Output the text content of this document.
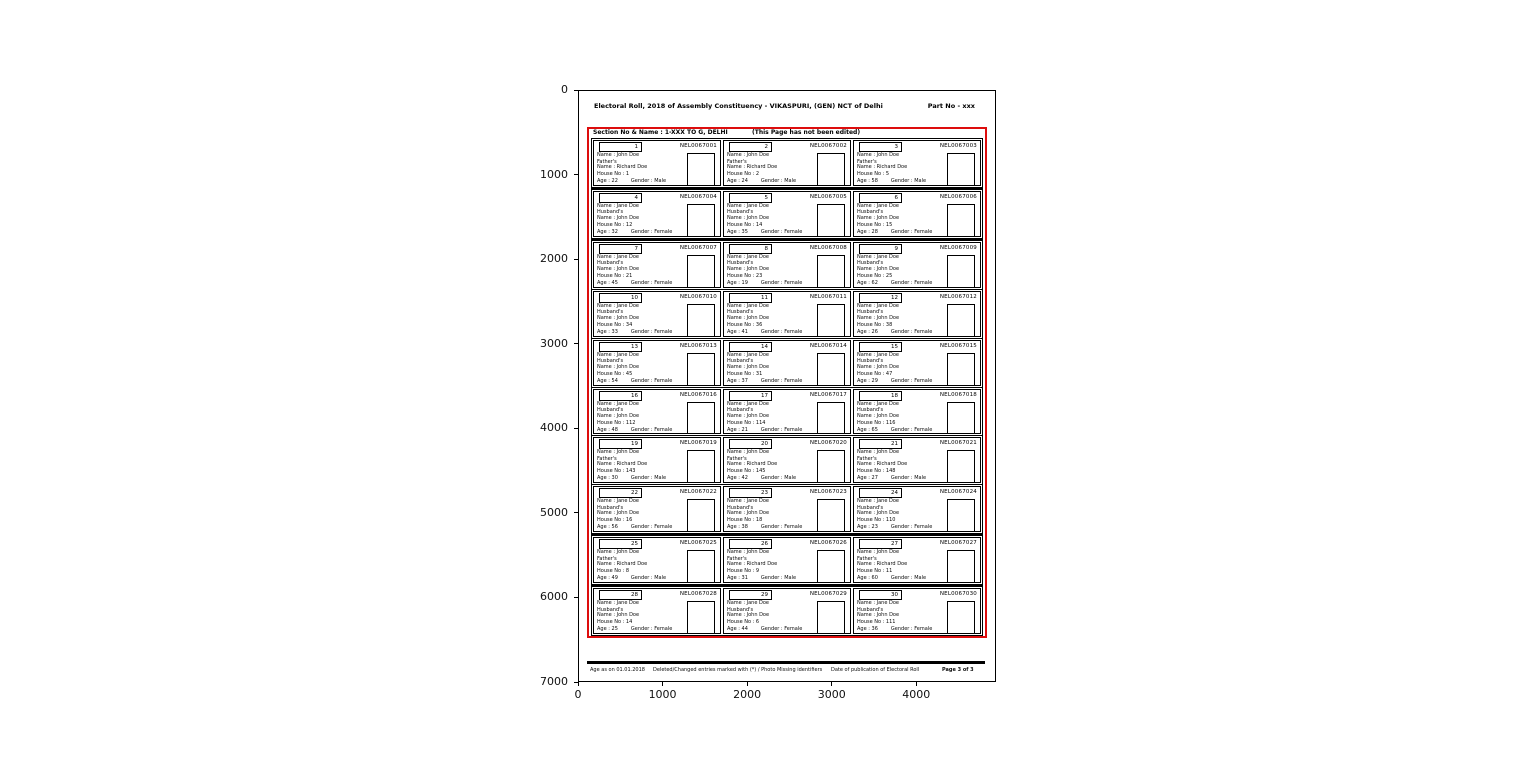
Electoral Roll, 2018 of Assembly Constituency - VIKASPURI, (GEN) NCT of Delhi	Part No - xxx
Section No & Name : 1-XXX TO G, DELHI	(This Page has not been edited)
1	NEL0067001
Name : John Doe
Father's
Name : Richard Doe
House No : 1
Age : 22	Gender : Male
2	NEL0067002
Name : John Doe
Father's
Name : Richard Doe
House No : 2
Age : 24	Gender : Male
3	NEL0067003
Name : John Doe
Father's
Name : Richard Doe
House No : 5
Age : 58	Gender : Male
4	NEL0067004
Name : Jane Doe
Husband's
Name : John Doe
House No : 12
Age : 32	Gender : Female
5	NEL0067005
Name : Jane Doe
Husband's
Name : John Doe
House No : 14
Age : 35	Gender : Female
6	NEL0067006
Name : Jane Doe
Husband's
Name : John Doe
House No : 15
Age : 28	Gender : Female
7	NEL0067007
Name : Jane Doe
Husband's
Name : John Doe
House No : 21
Age : 45	Gender : Female
8	NEL0067008
Name : Jane Doe
Husband's
Name : John Doe
House No : 23
Age : 19	Gender : Female
9	NEL0067009
Name : Jane Doe
Husband's
Name : John Doe
House No : 25
Age : 62	Gender : Female
10	NEL0067010
Name : Jane Doe
Husband's
Name : John Doe
House No : 34
Age : 33	Gender : Female
11	NEL0067011
Name : Jane Doe
Husband's
Name : John Doe
House No : 36
Age : 41	Gender : Female
12	NEL0067012
Name : Jane Doe
Husband's
Name : John Doe
House No : 38
Age : 26	Gender : Female
13	NEL0067013
Name : Jane Doe
Husband's
Name : John Doe
House No : 45
Age : 54	Gender : Female
14	NEL0067014
Name : Jane Doe
Husband's
Name : John Doe
House No : 31
Age : 37	Gender : Female
15	NEL0067015
Name : Jane Doe
Husband's
Name : John Doe
House No : 47
Age : 29	Gender : Female
16	NEL0067016
Name : Jane Doe
Husband's
Name : John Doe
House No : 112
Age : 48	Gender : Female
17	NEL0067017
Name : Jane Doe
Husband's
Name : John Doe
House No : 114
Age : 21	Gender : Female
18	NEL0067018
Name : Jane Doe
Husband's
Name : John Doe
House No : 116
Age : 65	Gender : Female
19	NEL0067019
Name : John Doe
Father's
Name : Richard Doe
House No : 143
Age : 30	Gender : Male
20	NEL0067020
Name : John Doe
Father's
Name : Richard Doe
House No : 145
Age : 42	Gender : Male
21	NEL0067021
Name : John Doe
Father's
Name : Richard Doe
House No : 148
Age : 27	Gender : Male
22	NEL0067022
Name : Jane Doe
Husband's
Name : John Doe
House No : 16
Age : 56	Gender : Female
23	NEL0067023
Name : Jane Doe
Husband's
Name : John Doe
House No : 18
Age : 38	Gender : Female
24	NEL0067024
Name : Jane Doe
Husband's
Name : John Doe
House No : 110
Age : 23	Gender : Female
25	NEL0067025
Name : John Doe
Father's
Name : Richard Doe
House No : 8
Age : 49	Gender : Male
26	NEL0067026
Name : John Doe
Father's
Name : Richard Doe
House No : 9
Age : 31	Gender : Male
27	NEL0067027
Name : John Doe
Father's
Name : Richard Doe
House No : 11
Age : 60	Gender : Male
28	NEL0067028
Name : Jane Doe
Husband's
Name : John Doe
House No : 14
Age : 25	Gender : Female
29	NEL0067029
Name : Jane Doe
Husband's
Name : John Doe
House No : 6
Age : 44	Gender : Female
30	NEL0067030
Name : Jane Doe
Husband's
Name : John Doe
House No : 111
Age : 36	Gender : Female
Age as on 01.01.2018 Deleted/Changed entries marked with (*) / Photo Missing identifiers Date of publication of Electoral Roll	Page 3 of 3
0
1000
2000
3000
4000
5000
6000
7000
0	1000	2000	3000	4000
